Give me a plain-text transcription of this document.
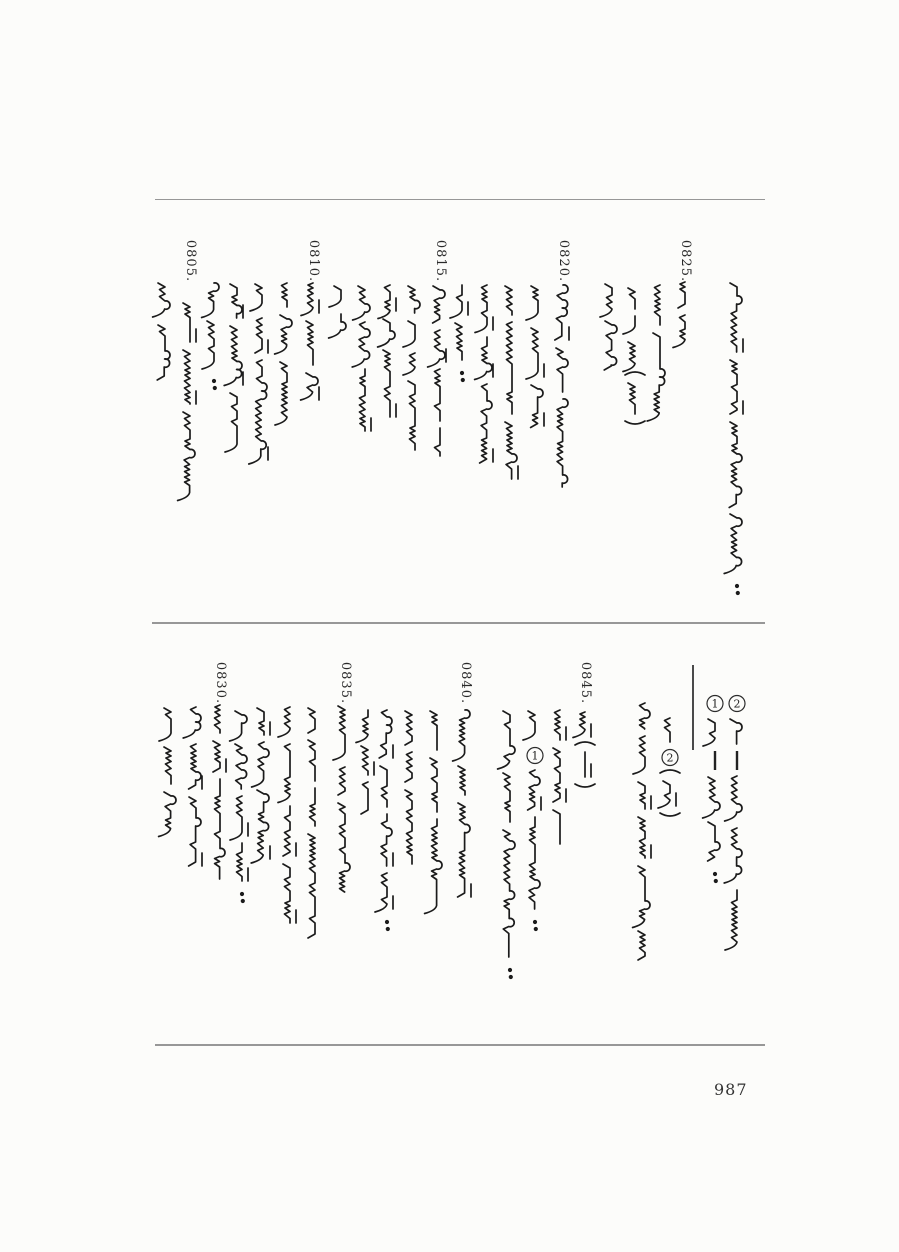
0825.
0820.
0815.
0810.
0805.
2
1 2
0845.
1
0840.
0835.
0830.
987
